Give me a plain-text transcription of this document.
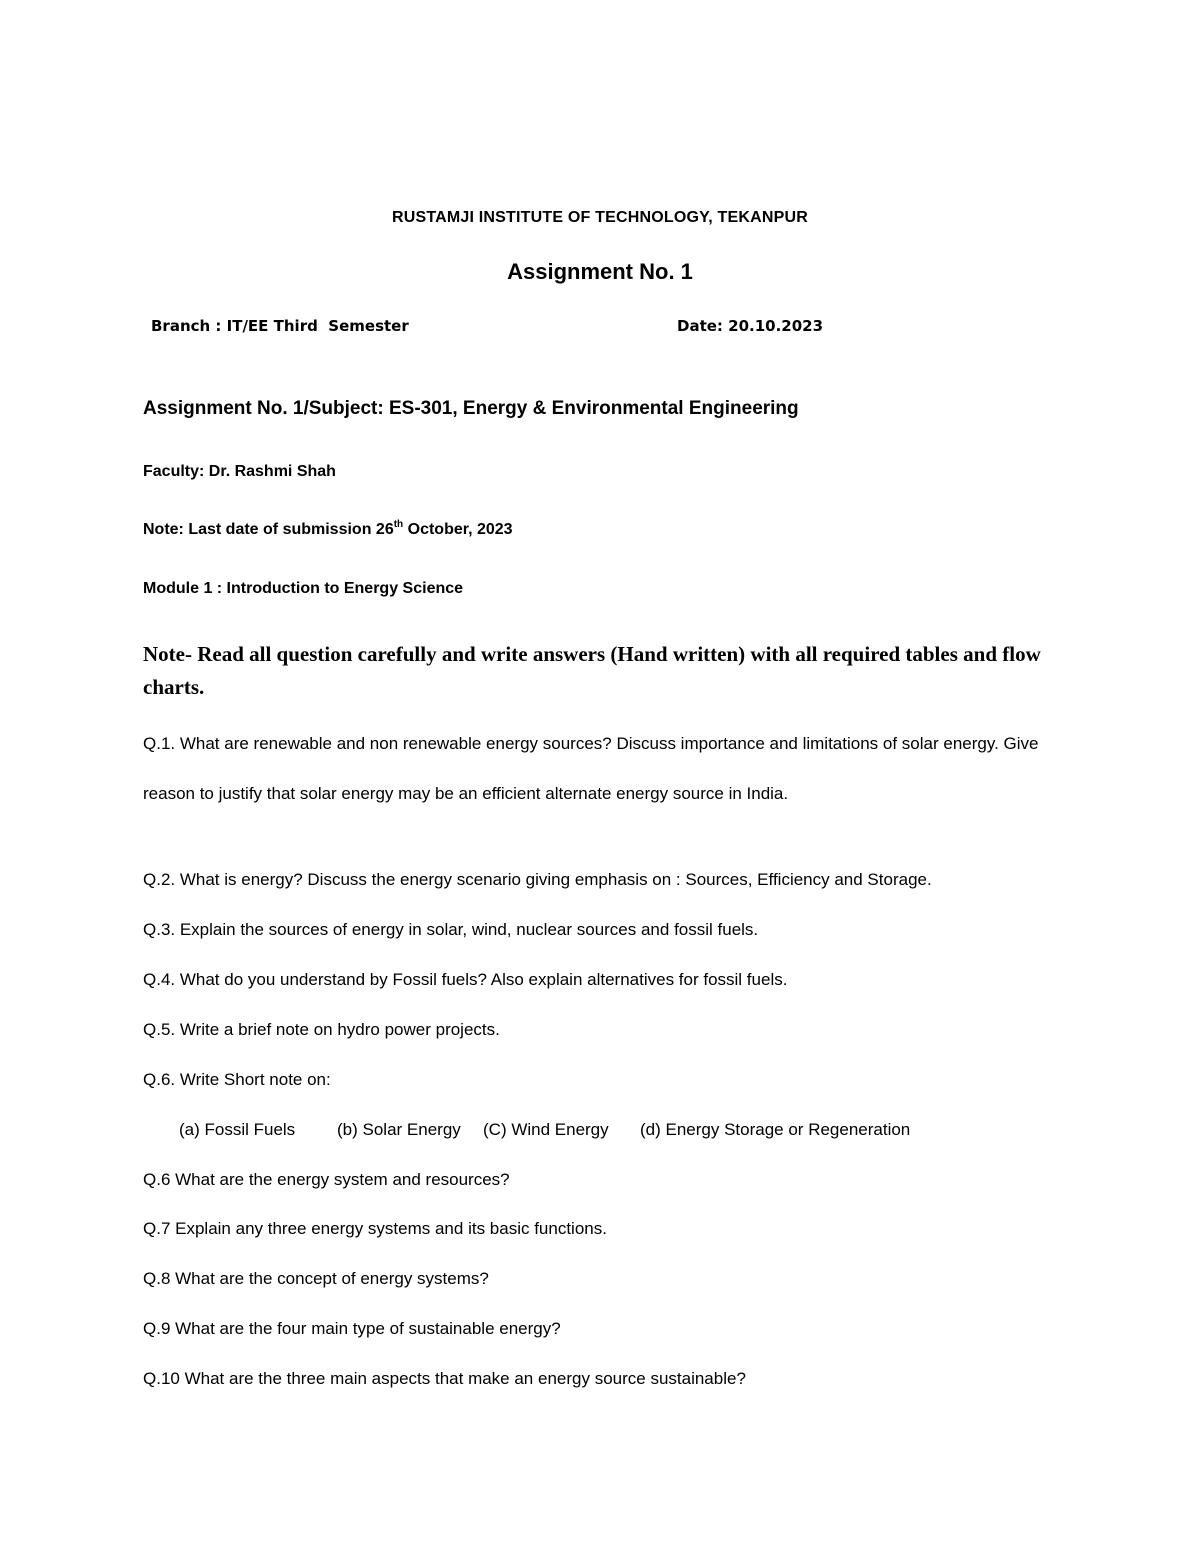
RUSTAMJI INSTITUTE OF TECHNOLOGY, TEKANPUR
Assignment No. 1
Branch : IT/EE Third  Semester	Date: 20.10.2023
Assignment No. 1/Subject: ES-301, Energy & Environmental Engineering
Faculty: Dr. Rashmi Shah
Note: Last date of submission 26th October, 2023
Module 1 : Introduction to Energy Science
Note- Read all question carefully and write answers (Hand written) with all required tables and flow charts.
Q.1. What are renewable and non renewable energy sources? Discuss importance and limitations of solar energy. Give reason to justify that solar energy may be an efficient alternate energy source in India.
Q.2. What is energy? Discuss the energy scenario giving emphasis on : Sources, Efficiency and Storage.
Q.3. Explain the sources of energy in solar, wind, nuclear sources and fossil fuels.
Q.4. What do you understand by Fossil fuels? Also explain alternatives for fossil fuels.
Q.5. Write a brief note on hydro power projects.
Q.6. Write Short note on:
(a) Fossil Fuels (b) Solar Energy (C) Wind Energy (d) Energy Storage or Regeneration
Q.6 What are the energy system and resources?
Q.7 Explain any three energy systems and its basic functions.
Q.8 What are the concept of energy systems?
Q.9 What are the four main type of sustainable energy?
Q.10 What are the three main aspects that make an energy source sustainable?
